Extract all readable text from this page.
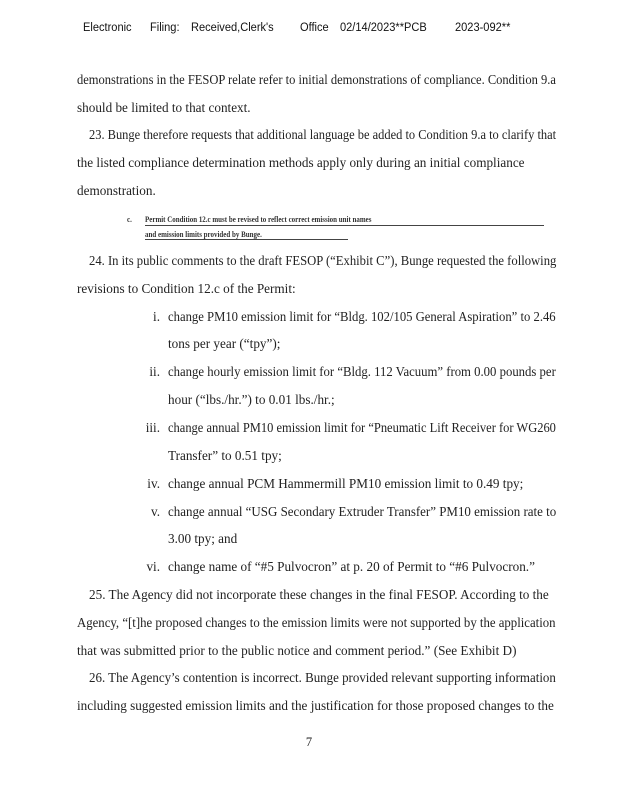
Electronic Filing: Received,Clerk's Office 02/14/2023**PCB 2023-092**
demonstrations in the FESOP relate refer to initial demonstrations of compliance. Condition 9.a
should be limited to that context.
23. Bunge therefore requests that additional language be added to Condition 9.a to clarify that
the listed compliance determination methods apply only during an initial compliance
demonstration.
c. Permit Condition 12.c must be revised to reflect correct emission unit names
and emission limits provided by Bunge.
24. In its public comments to the draft FESOP (“Exhibit C”), Bunge requested the following
revisions to Condition 12.c of the Permit:
i. change PM10 emission limit for “Bldg. 102/105 General Aspiration” to 2.46
tons per year (“tpy”);
ii. change hourly emission limit for “Bldg. 112 Vacuum” from 0.00 pounds per
hour (“lbs./hr.”) to 0.01 lbs./hr.;
iii. change annual PM10 emission limit for “Pneumatic Lift Receiver for WG260
Transfer” to 0.51 tpy;
iv. change annual PCM Hammermill PM10 emission limit to 0.49 tpy;
v. change annual “USG Secondary Extruder Transfer” PM10 emission rate to
3.00 tpy; and
vi. change name of “#5 Pulvocron” at p. 20 of Permit to “#6 Pulvocron.”
25. The Agency did not incorporate these changes in the final FESOP. According to the
Agency, “[t]he proposed changes to the emission limits were not supported by the application
that was submitted prior to the public notice and comment period.” (See Exhibit D)
26. The Agency’s contention is incorrect. Bunge provided relevant supporting information
including suggested emission limits and the justification for those proposed changes to the
7
